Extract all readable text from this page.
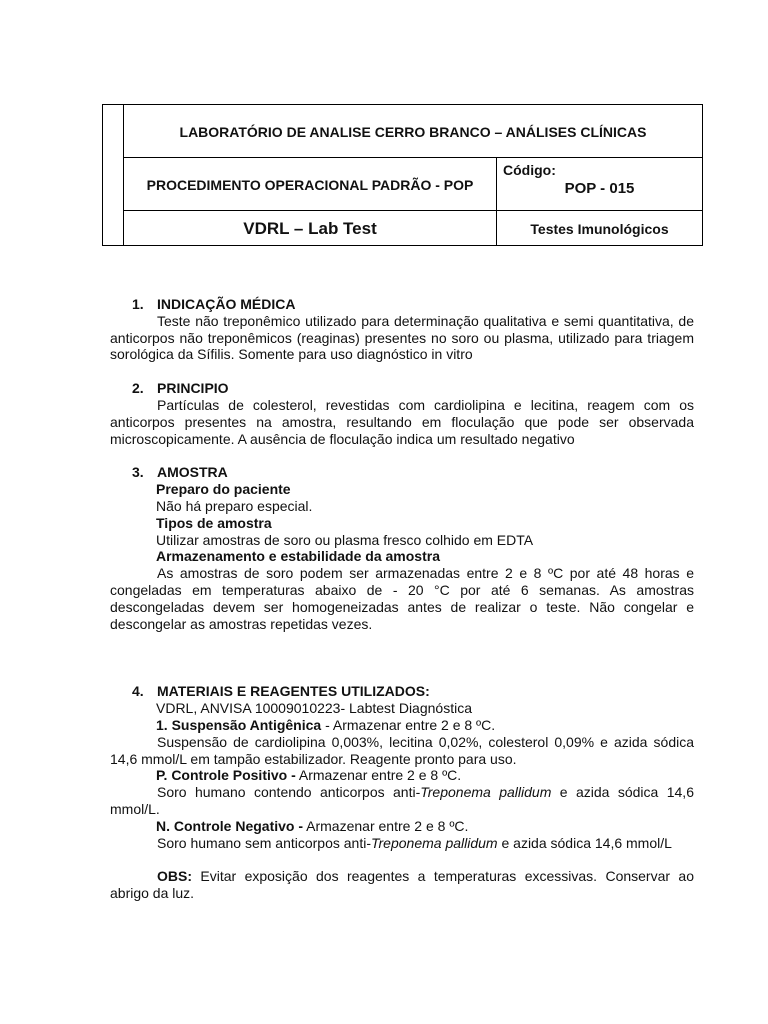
LABORATÓRIO DE ANALISE CERRO BRANCO – ANÁLISES CLÍNICAS
PROCEDIMENTO OPERACIONAL PADRÃO - POP
Código:
POP - 015
VDRL – Lab Test	Testes Imunológicos

1. INDICAÇÃO MÉDICA

Teste não treponêmico utilizado para determinação qualitativa e semi quantitativa, de anticorpos não treponêmicos (reaginas) presentes no soro ou plasma, utilizado para triagem sorológica da Sífilis. Somente para uso diagnóstico in vitro

2. PRINCIPIO

Partículas de colesterol, revestidas com cardiolipina e lecitina, reagem com os anticorpos presentes na amostra, resultando em floculação que pode ser observada microscopicamente. A ausência de floculação indica um resultado negativo

3. AMOSTRA

Preparo do paciente

Não há preparo especial.

Tipos de amostra

Utilizar amostras de soro ou plasma fresco colhido em EDTA

Armazenamento e estabilidade da amostra

As amostras de soro podem ser armazenadas entre 2 e 8 ºC por até 48 horas e congeladas em temperaturas abaixo de - 20 °C por até 6 semanas. As amostras descongeladas devem ser homogeneizadas antes de realizar o teste. Não congelar e descongelar as amostras repetidas vezes.

4. MATERIAIS E REAGENTES UTILIZADOS:

VDRL, ANVISA 10009010223- Labtest Diagnóstica

1. Suspensão Antigênica - Armazenar entre 2 e 8 ºC.

Suspensão de cardiolipina 0,003%, lecitina 0,02%, colesterol 0,09% e azida sódica 14,6 mmol/L em tampão estabilizador. Reagente pronto para uso.

P. Controle Positivo - Armazenar entre 2 e 8 ºC.

Soro humano contendo anticorpos anti-Treponema pallidum e azida sódica 14,6 mmol/L.

N. Controle Negativo - Armazenar entre 2 e 8 ºC.

Soro humano sem anticorpos anti-Treponema pallidum e azida sódica 14,6 mmol/L

OBS: Evitar exposição dos reagentes a temperaturas excessivas. Conservar ao abrigo da luz.
